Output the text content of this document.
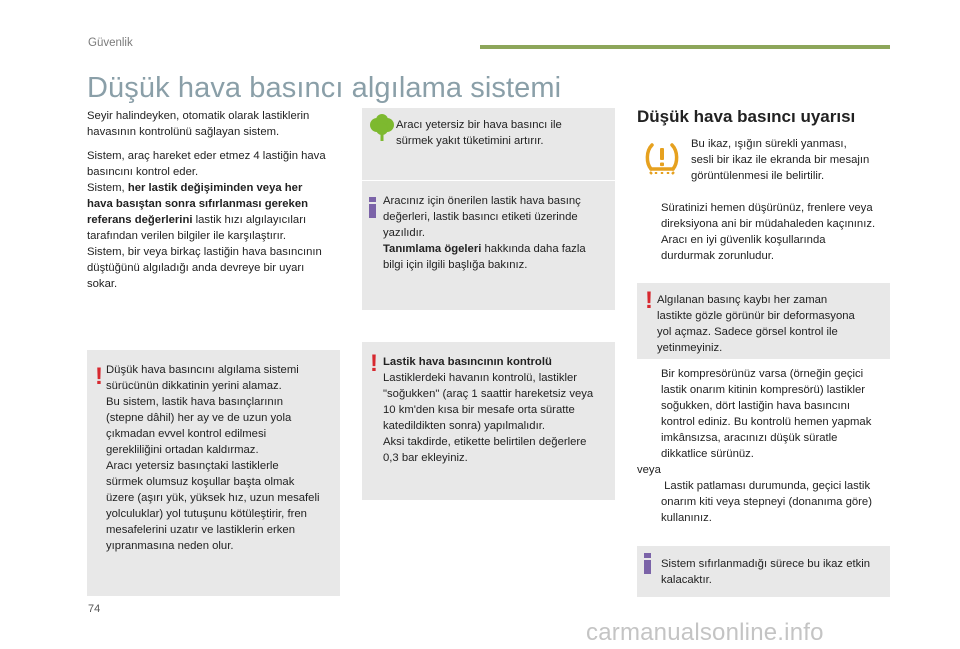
Güvenlik
Düşük hava basıncı algılama sistemi

Seyir halindeyken, otomatik olarak lastiklerin havasının kontrolünü sağlayan sistem.

Sistem, araç hareket eder etmez 4 lastiğin hava

basıncını kontrol eder.

Sistem, her lastik değişiminden veya her

hava basıştan sonra sıfırlanması gereken

referans değerlerini lastik hızı algılayıcıları

tarafından verilen bilgiler ile karşılaştırır.

Sistem, bir veya birkaç lastiğin hava basıncının

düştüğünü algıladığı anda devreye bir uyarı

sokar.

! Düşük hava basıncını algılama sistemi

sürücünün dikkatinin yerini alamaz.

Bu sistem, lastik hava basınçlarının

(stepne dâhil) her ay ve de uzun yola

çıkmadan evvel kontrol edilmesi

gerekliliğini ortadan kaldırmaz.

Aracı yetersiz basınçtaki lastiklerle

sürmek olumsuz koşullar başta olmak

üzere (aşırı yük, yüksek hız, uzun mesafeli

yolculuklar) yol tutuşunu kötüleştirir, fren

mesafelerini uzatır ve lastiklerin erken

yıpranmasına neden olur.

Aracı yetersiz bir hava basıncı ile

sürmek yakıt tüketimini artırır.

Aracınız için önerilen lastik hava basınç

değerleri, lastik basıncı etiketi üzerinde

yazılıdır.

Tanımlama ögeleri hakkında daha fazla

bilgi için ilgili başlığa bakınız.

! Lastik hava basıncının kontrolü

Lastiklerdeki havanın kontrolü, lastikler

"soğukken" (araç 1 saattir hareketsiz veya

10 km'den kısa bir mesafe orta süratte

katedildikten sonra) yapılmalıdır.

Aksi takdirde, etikette belirtilen değerlere

0,3 bar ekleyiniz.

Düşük hava basıncı uyarısı

Bu ikaz, ışığın sürekli yanması,

sesli bir ikaz ile ekranda bir mesajın

görüntülenmesi ile belirtilir.

Süratinizi hemen düşürünüz, frenlere veya
direksiyona ani bir müdahaleden kaçınınız.
Aracı en iyi güvenlik koşullarında
durdurmak zorunludur.
! Algılanan basınç kaybı her zaman

lastikte gözle görünür bir deformasyona

yol açmaz. Sadece görsel kontrol ile

yetinmeyiniz.

Bir kompresörünüz varsa (örneğin geçici
lastik onarım kitinin kompresörü) lastikler
soğukken, dört lastiğin hava basıncını
kontrol ediniz. Bu kontrolü hemen yapmak
imkânsızsa, aracınızı düşük süratle
dikkatlice sürünüz.
veya
Lastik patlaması durumunda, geçici lastik
onarım kiti veya stepneyi (donanıma göre)
kullanınız.

Sistem sıfırlanmadığı sürece bu ikaz etkin

kalacaktır.

74
carmanualsonline.info
